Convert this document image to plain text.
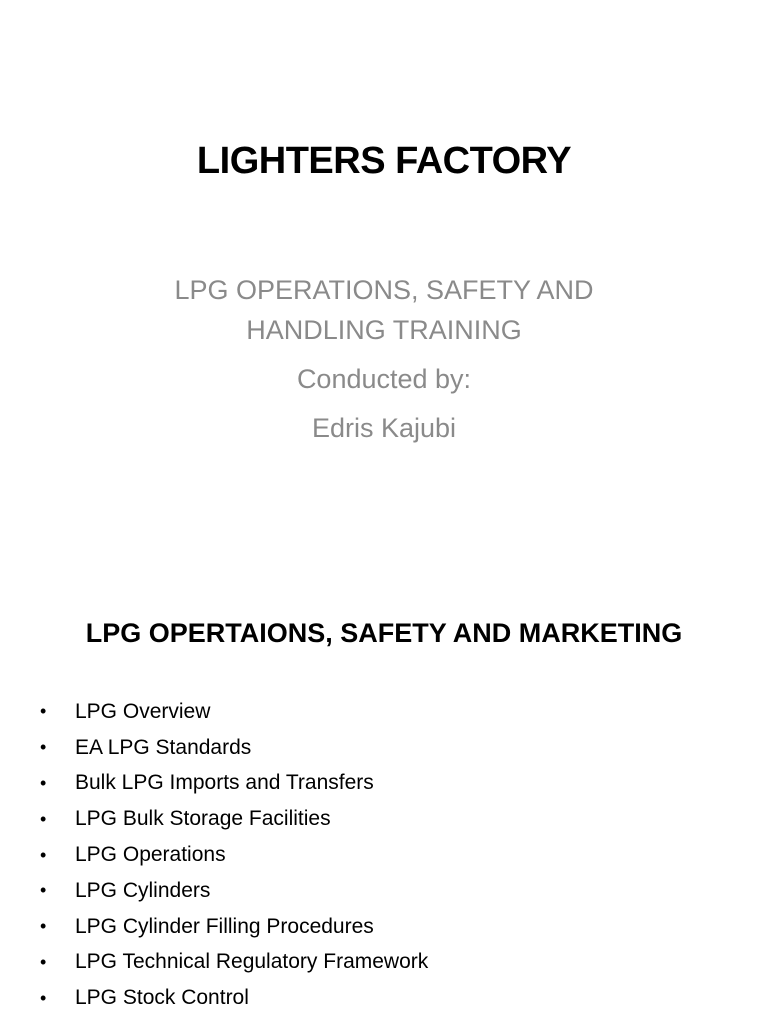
LIGHTERS FACTORY
LPG OPERATIONS, SAFETY AND
HANDLING TRAINING
Conducted by:
Edris Kajubi
LPG OPERTAIONS, SAFETY AND MARKETING
•	LPG Overview
•	EA LPG Standards
•	Bulk LPG Imports and Transfers
•	LPG Bulk Storage Facilities
•	LPG Operations
•	LPG Cylinders
•	LPG Cylinder Filling Procedures
•	LPG Technical Regulatory Framework
•	LPG Stock Control
